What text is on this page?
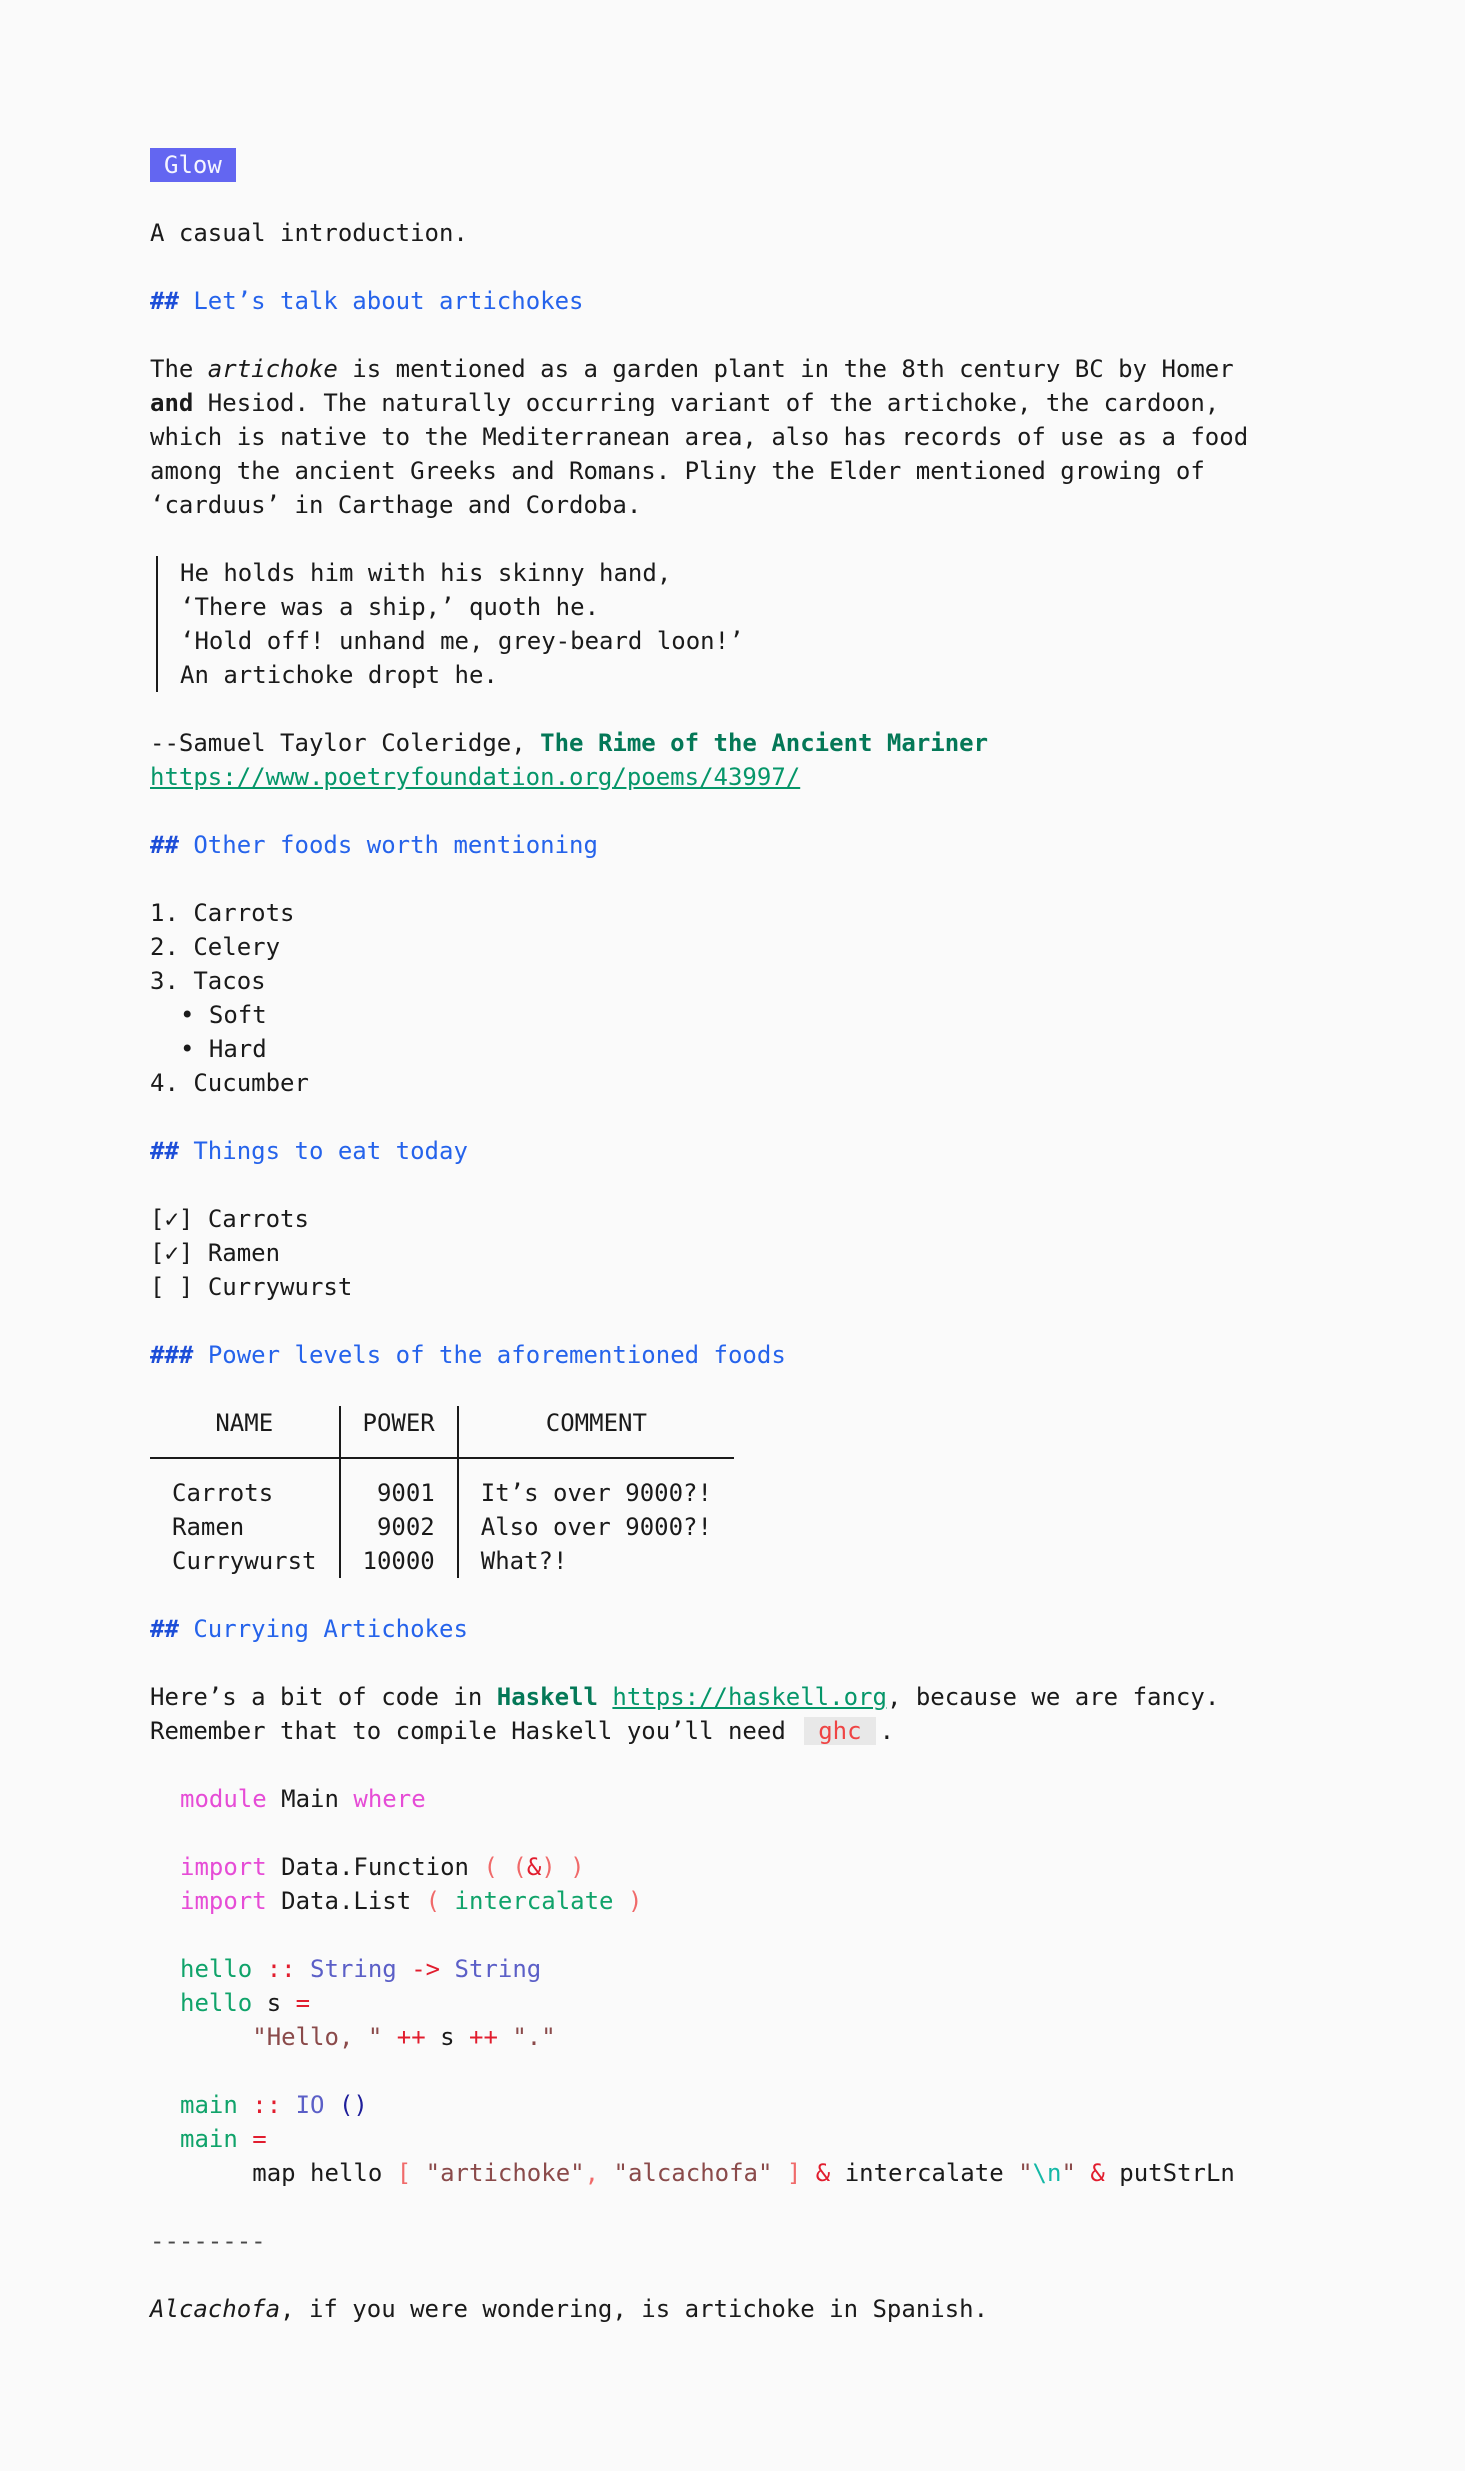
Glow
A casual introduction.
## Let’s talk about artichokes
The artichoke is mentioned as a garden plant in the 8th century BC by Homer
and Hesiod. The naturally occurring variant of the artichoke, the cardoon,
which is native to the Mediterranean area, also has records of use as a food
among the ancient Greeks and Romans. Pliny the Elder mentioned growing of
‘carduus’ in Carthage and Cordoba.
He holds him with his skinny hand,
‘There was a ship,’ quoth he.
‘Hold off! unhand me, grey-beard loon!’
An artichoke dropt he.
--Samuel Taylor Coleridge, The Rime of the Ancient Mariner
https://www.poetryfoundation.org/poems/43997/
## Other foods worth mentioning
1. Carrots
2. Celery
3. Tacos
• Soft
• Hard
4. Cucumber
## Things to eat today
[✓] Carrots
[✓] Ramen
[ ] Currywurst
### Power levels of the aforementioned foods
NAME	POWER	COMMENT
Carrots	9001	It’s over 9000?!
Ramen	9002	Also over 9000?!
Currywurst	10000	What?!
## Currying Artichokes
Here’s a bit of code in Haskell https://haskell.org, because we are fancy.
Remember that to compile Haskell you’ll need ghc .
module Main where
import Data.Function ( (&) )
import Data.List ( intercalate )
hello :: String -> String
hello s =
"Hello, " ++ s ++ "."
main :: IO ()
main =
map hello [ "artichoke", "alcachofa" ] & intercalate "\n" & putStrLn
--------
Alcachofa, if you were wondering, is artichoke in Spanish.
